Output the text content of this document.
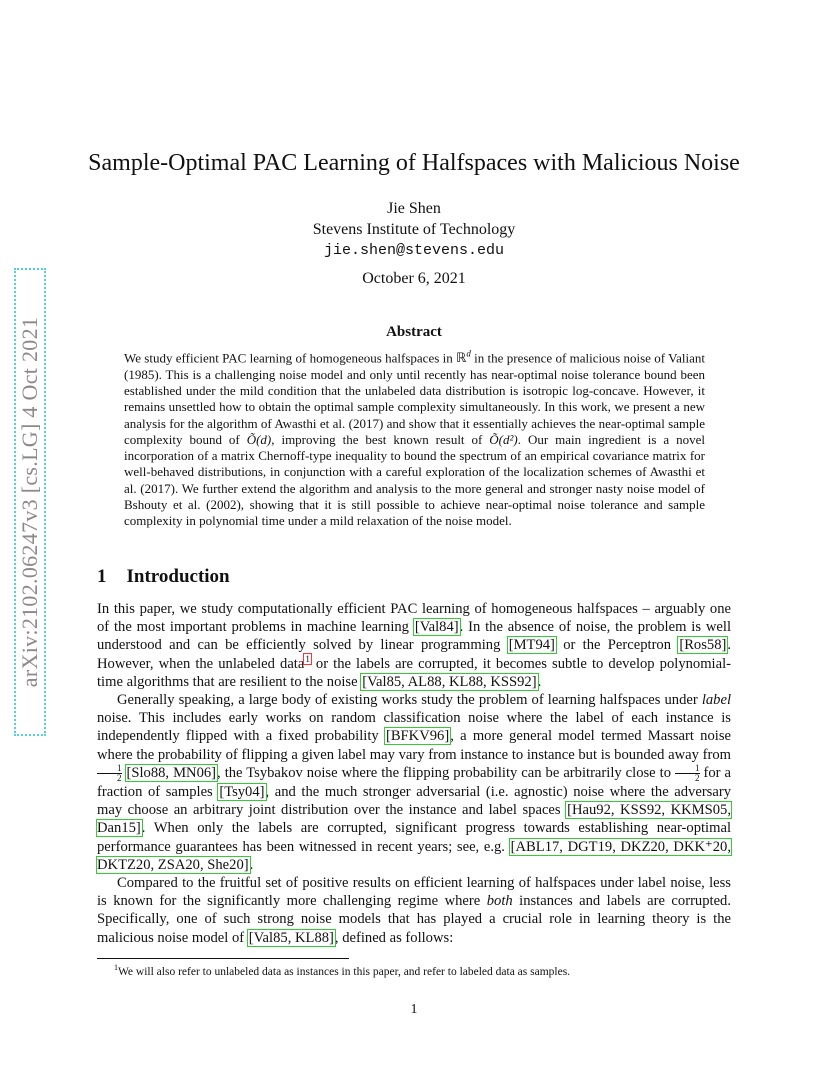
arXiv:2102.06247v3 [cs.LG] 4 Oct 2021
Sample-Optimal PAC Learning of Halfspaces with Malicious Noise
Jie Shen
Stevens Institute of Technology
jie.shen@stevens.edu
October 6, 2021
Abstract
We study efficient PAC learning of homogeneous halfspaces in ℝ$^d$ in the presence of malicious noise of Valiant (1985). This is a challenging noise model and only until recently has near-optimal noise tolerance bound been established under the mild condition that the unlabeled data distribution is isotropic log-concave. However, it remains unsettled how to obtain the optimal sample complexity simultaneously. In this work, we present a new analysis for the algorithm of Awasthi et al. (2017) and show that it essentially achieves the near-optimal sample complexity bound of Õ(d), improving the best known result of Õ(d²). Our main ingredient is a novel incorporation of a matrix Chernoff-type inequality to bound the spectrum of an empirical covariance matrix for well-behaved distributions, in conjunction with a careful exploration of the localization schemes of Awasthi et al. (2017). We further extend the algorithm and analysis to the more general and stronger nasty noise model of Bshouty et al. (2002), showing that it is still possible to achieve near-optimal noise tolerance and sample complexity in polynomial time under a mild relaxation of the noise model.
1 Introduction

In this paper, we study computationally efficient PAC learning of homogeneous halfspaces – arguably one of the most important problems in machine learning [Val84]. In the absence of noise, the problem is well understood and can be efficiently solved by linear programming [MT94] or the Perceptron [Ros58]. However, when the unlabeled data$^1$ or the labels are corrupted, it becomes subtle to develop polynomial-time algorithms that are resilient to the noise [Val85, AL88, KL88, KSS92].

Generally speaking, a large body of existing works study the problem of learning halfspaces under label noise. This includes early works on random classification noise where the label of each instance is independently flipped with a fixed probability [BFKV96], a more general model termed Massart noise where the probability of flipping a given label may vary from instance to instance but is bounded away from
$\frac{1}{2} [Slo88$, MN06], the Tsybakov noise where the flipping probability can be arbitrarily close to $\frac{1}{2}$ for a fraction of samples [Tsy04], and the much stronger adversarial (i.e. agnostic) noise where the adversary may choose an arbitrary joint distribution over the instance and label spaces [Hau92, KSS92, KKMS05, Dan15]. When only the labels are corrupted, significant progress towards establishing near-optimal performance guarantees has been witnessed in recent years; see, e.g. [ABL17, DGT19, DKZ20, DKK⁺20, DKTZ20, ZSA20, She20].

Compared to the fruitful set of positive results on efficient learning of halfspaces under label noise, less is known for the significantly more challenging regime where both instances and labels are corrupted. Specifically, one of such strong noise models that has played a crucial role in learning theory is the malicious noise model of [Val85, KL88], defined as follows:

$^1$We will also refer to unlabeled data as instances in this paper, and refer to labeled data as samples.
1
